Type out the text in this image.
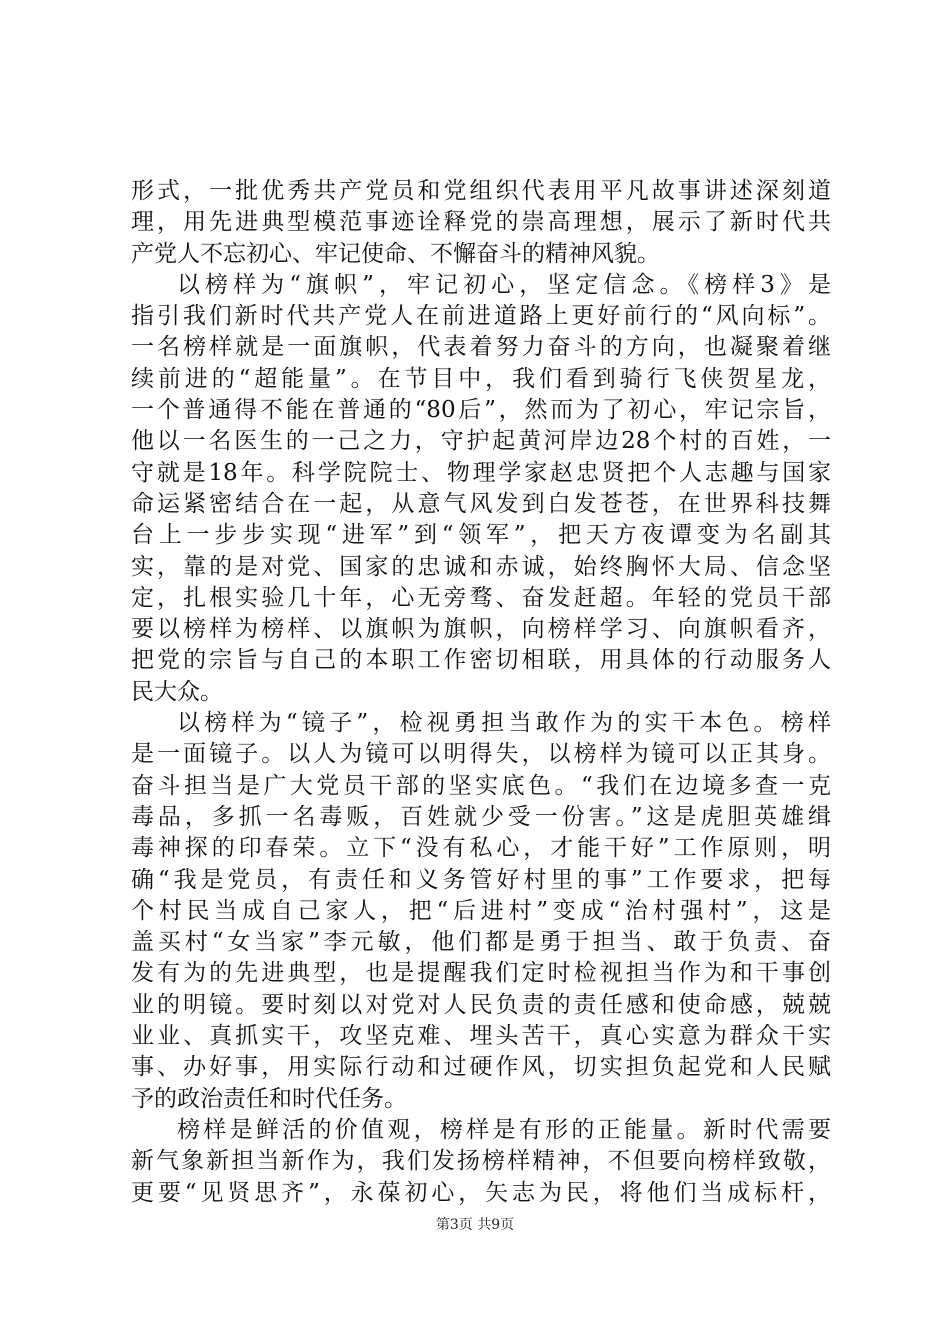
形式，一批优秀共产党员和党组织代表用平凡故事讲述深刻道
理，用先进典型模范事迹诠释党的崇高理想，展示了新时代共
产党人不忘初心、牢记使命、不懈奋斗的精神风貌。
以榜样为“旗帜”，牢记初心，坚定信念。《榜样3》是
指引我们新时代共产党人在前进道路上更好前行的“风向标”。
一名榜样就是一面旗帜，代表着努力奋斗的方向，也凝聚着继
续前进的“超能量”。在节目中，我们看到骑行飞侠贺星龙，
一个普通得不能在普通的“80后”，然而为了初心，牢记宗旨，
他以一名医生的一己之力，守护起黄河岸边28个村的百姓，一
守就是18年。科学院院士、物理学家赵忠贤把个人志趣与国家
命运紧密结合在一起，从意气风发到白发苍苍，在世界科技舞
台上一步步实现“进军”到“领军”，把天方夜谭变为名副其
实，靠的是对党、国家的忠诚和赤诚，始终胸怀大局、信念坚
定，扎根实验几十年，心无旁骛、奋发赶超。年轻的党员干部
要以榜样为榜样、以旗帜为旗帜，向榜样学习、向旗帜看齐，
把党的宗旨与自己的本职工作密切相联，用具体的行动服务人
民大众。
以榜样为“镜子”，检视勇担当敢作为的实干本色。榜样
是一面镜子。以人为镜可以明得失，以榜样为镜可以正其身。
奋斗担当是广大党员干部的坚实底色。“我们在边境多查一克
毒品，多抓一名毒贩，百姓就少受一份害。”这是虎胆英雄缉
毒神探的印春荣。立下“没有私心，才能干好”工作原则，明
确“我是党员，有责任和义务管好村里的事”工作要求，把每
个村民当成自己家人，把“后进村”变成“治村强村”，这是
盖买村“女当家”李元敏，他们都是勇于担当、敢于负责、奋
发有为的先进典型，也是提醒我们定时检视担当作为和干事创
业的明镜。要时刻以对党对人民负责的责任感和使命感，兢兢
业业、真抓实干，攻坚克难、埋头苦干，真心实意为群众干实
事、办好事，用实际行动和过硬作风，切实担负起党和人民赋
予的政治责任和时代任务。
榜样是鲜活的价值观，榜样是有形的正能量。新时代需要
新气象新担当新作为，我们发扬榜样精神，不但要向榜样致敬，
更要“见贤思齐”，永葆初心，矢志为民，将他们当成标杆，
第3页 共9页
